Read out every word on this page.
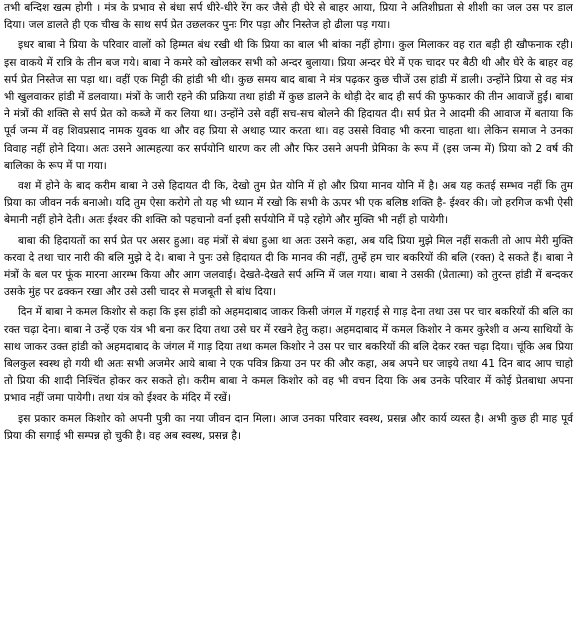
तभी बन्दिश खत्म होगी । मंत्र के प्रभाव से बंधा सर्प धीरे-धीरे रेंग कर जैसे ही घेरे से बाहर आया, प्रिया ने अतिशीघ्रता से शीशी का जल उस पर डाल दिया। जल डालते ही एक चीख के साथ सर्प प्रेत उछलकर पुनः गिर पड़ा और निस्तेज हो ढीला पड़ गया।

इधर बाबा ने प्रिया के परिवार वालों को हिम्मत बंध रखी थी कि प्रिया का बाल भी बांका नहीं होगा। कुल मिलाकर वह रात बड़ी ही खौफनाक रही। इस वाकये में रात्रि के तीन बज गये। बाबा ने कमरे को खोलकर सभी को अन्दर बुलाया। प्रिया अन्दर घेरे में एक चादर पर बैठी थी और घेरे के बाहर वह सर्प प्रेत निस्तेज सा पड़ा था। वहीं एक मिट्टी की हांडी भी थी। कुछ समय बाद बाबा ने मंत्र पढ़कर कुछ चीजें उस हांडी में डाली। उन्होंने प्रिया से वह मंत्र भी खुलवाकर हांडी में डलवाया। मंत्रों के जारी रहने की प्रक्रिया तथा हांडी में कुछ डालने के थोड़ी देर बाद ही सर्प की फुफकार की तीन आवाजें हुईं। बाबा ने मंत्रों की शक्ति से सर्प प्रेत को कब्जे में कर लिया था। उन्होंने उसे वहीं सच-सच बोलने की हिदायत दी। सर्प प्रेत ने आदमी की आवाज में बताया कि पूर्व जन्म में वह शिवप्रसाद नामक युवक था और वह प्रिया से अथाह प्यार करता था। वह उससे विवाह भी करना चाहता था। लेकिन समाज ने उनका विवाह नहीं होने दिया। अतः उसने आत्महत्या कर सर्पयोनि धारण कर ली और फिर उसने अपनी प्रेमिका के रूप में (इस जन्म में) प्रिया को 2 वर्ष की बालिका के रूप में पा गया।

वश में होने के बाद करीम बाबा ने उसे हिदायत दी कि, देखो तुम प्रेत योनि में हो और प्रिया मानव योनि में है। अब यह कतई सम्भव नहीं कि तुम प्रिया का जीवन नर्क बनाओ। यदि तुम ऐसा करोगे तो यह भी ध्यान में रखो कि सभी के ऊपर भी एक बलिष्ठ शक्ति है- ईश्वर की। जो हरगिज कभी ऐसी बेमानी नहीं होने देती। अतः ईश्वर की शक्ति को पहचानो वर्ना इसी सर्पयोनि में पड़े रहोगे और मुक्ति भी नहीं हो पायेगी।

बाबा की हिदायतों का सर्प प्रेत पर असर हुआ। वह मंत्रों से बंधा हुआ था अतः उसने कहा, अब यदि प्रिया मुझे मिल नहीं सकती तो आप मेरी मुक्ति करवा दे तथा चार नारी की बलि मुझे दे दे। बाबा ने पुनः उसे हिदायत दी कि मानव की नहीं, तुम्हें हम चार बकरियों की बलि (रक्त) दे सकते हैं। बाबा ने मंत्रों के बल पर फूंक मारना आरम्भ किया और आग जलवाई। देखते-देखते सर्प अग्नि में जल गया। बाबा ने उसकी (प्रेतात्मा) को तुरन्त हांडी में बन्दकर उसके मुंह पर ढक्कन रखा और उसे उसी चादर से मजबूती से बांध दिया।

दिन में बाबा ने कमल किशोर से कहा कि इस हांडी को अहमदाबाद जाकर किसी जंगल में गहराई से गाड़ देना तथा उस पर चार बकरियों की बलि का रक्त चढ़ा देना। बाबा ने उन्हें एक यंत्र भी बना कर दिया तथा उसे घर में रखने हेतु कहा। अहमदाबाद में कमल किशोर ने कमर कुरेशी व अन्य साथियों के साथ जाकर उक्त हांडी को अहमदाबाद के जंगल में गाड़ दिया तथा कमल किशोर ने उस पर चार बकरियों की बलि देकर रक्त चढ़ा दिया। चूंकि अब प्रिया बिलकुल स्वस्थ हो गयी थी अतः सभी अजमेर आये बाबा ने एक पवित्र क्रिया उन पर की और कहा, अब अपने घर जाइये तथा 41 दिन बाद आप चाहो तो प्रिया की शादी निश्चिंत होकर कर सकते हो। करीम बाबा ने कमल किशोर को वह भी वचन दिया कि अब उनके परिवार में कोई प्रेतबाधा अपना प्रभाव नहीं जमा पायेगी। तथा यंत्र को ईश्वर के मंदिर में रखें।

इस प्रकार कमल किशोर को अपनी पुत्री का नया जीवन दान मिला। आज उनका परिवार स्वस्थ, प्रसन्न और कार्य व्यस्त है। अभी कुछ ही माह पूर्व प्रिया की सगाई भी सम्पन्न हो चुकी है। वह अब स्वस्थ, प्रसन्न है।
